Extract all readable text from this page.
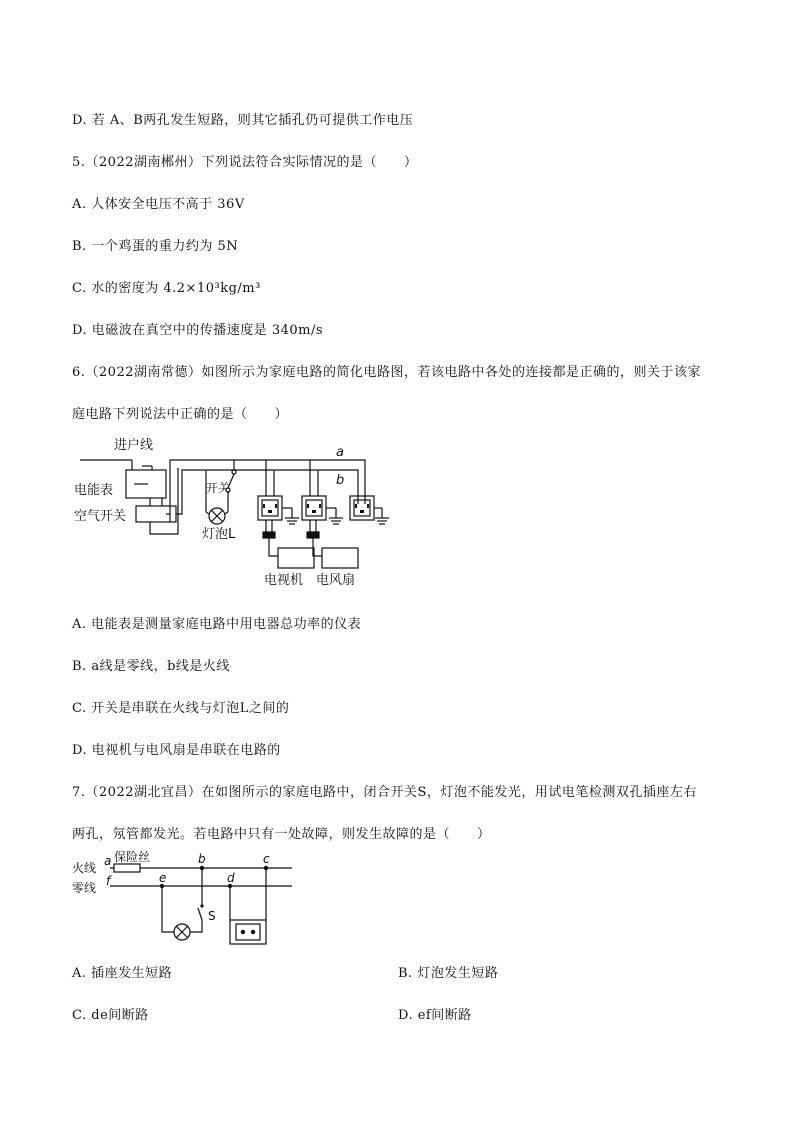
D. 若 A、B两孔发生短路，则其它插孔仍可提供工作电压
5.（2022湖南郴州）下列说法符合实际情况的是（　　）
A. 人体安全电压不高于 36V
B. 一个鸡蛋的重力约为 5N
C. 水的密度为 4.2×10³kg/m³
D. 电磁波在真空中的传播速度是 340m/s
6.（2022湖南常德）如图所示为家庭电路的简化电路图，若该电路中各处的连接都是正确的，则关于该家
庭电路下列说法中正确的是（　　）
进户线
电能表
空气开关
开关
灯泡L
a
b
电视机 电风扇
A. 电能表是测量家庭电路中用电器总功率的仪表
B. a线是零线，b线是火线
C. 开关是串联在火线与灯泡L之间的
D. 电视机与电风扇是串联在电路的
7.（2022湖北宜昌）在如图所示的家庭电路中，闭合开关S，灯泡不能发光，用试电笔检测双孔插座左右
两孔，氖管都发光。若电路中只有一处故障，则发生故障的是（　　）
火线
零线
a 保险丝
f	e
b
d
c
S
A. 插座发生短路	B. 灯泡发生短路
C. de间断路	D. ef间断路
